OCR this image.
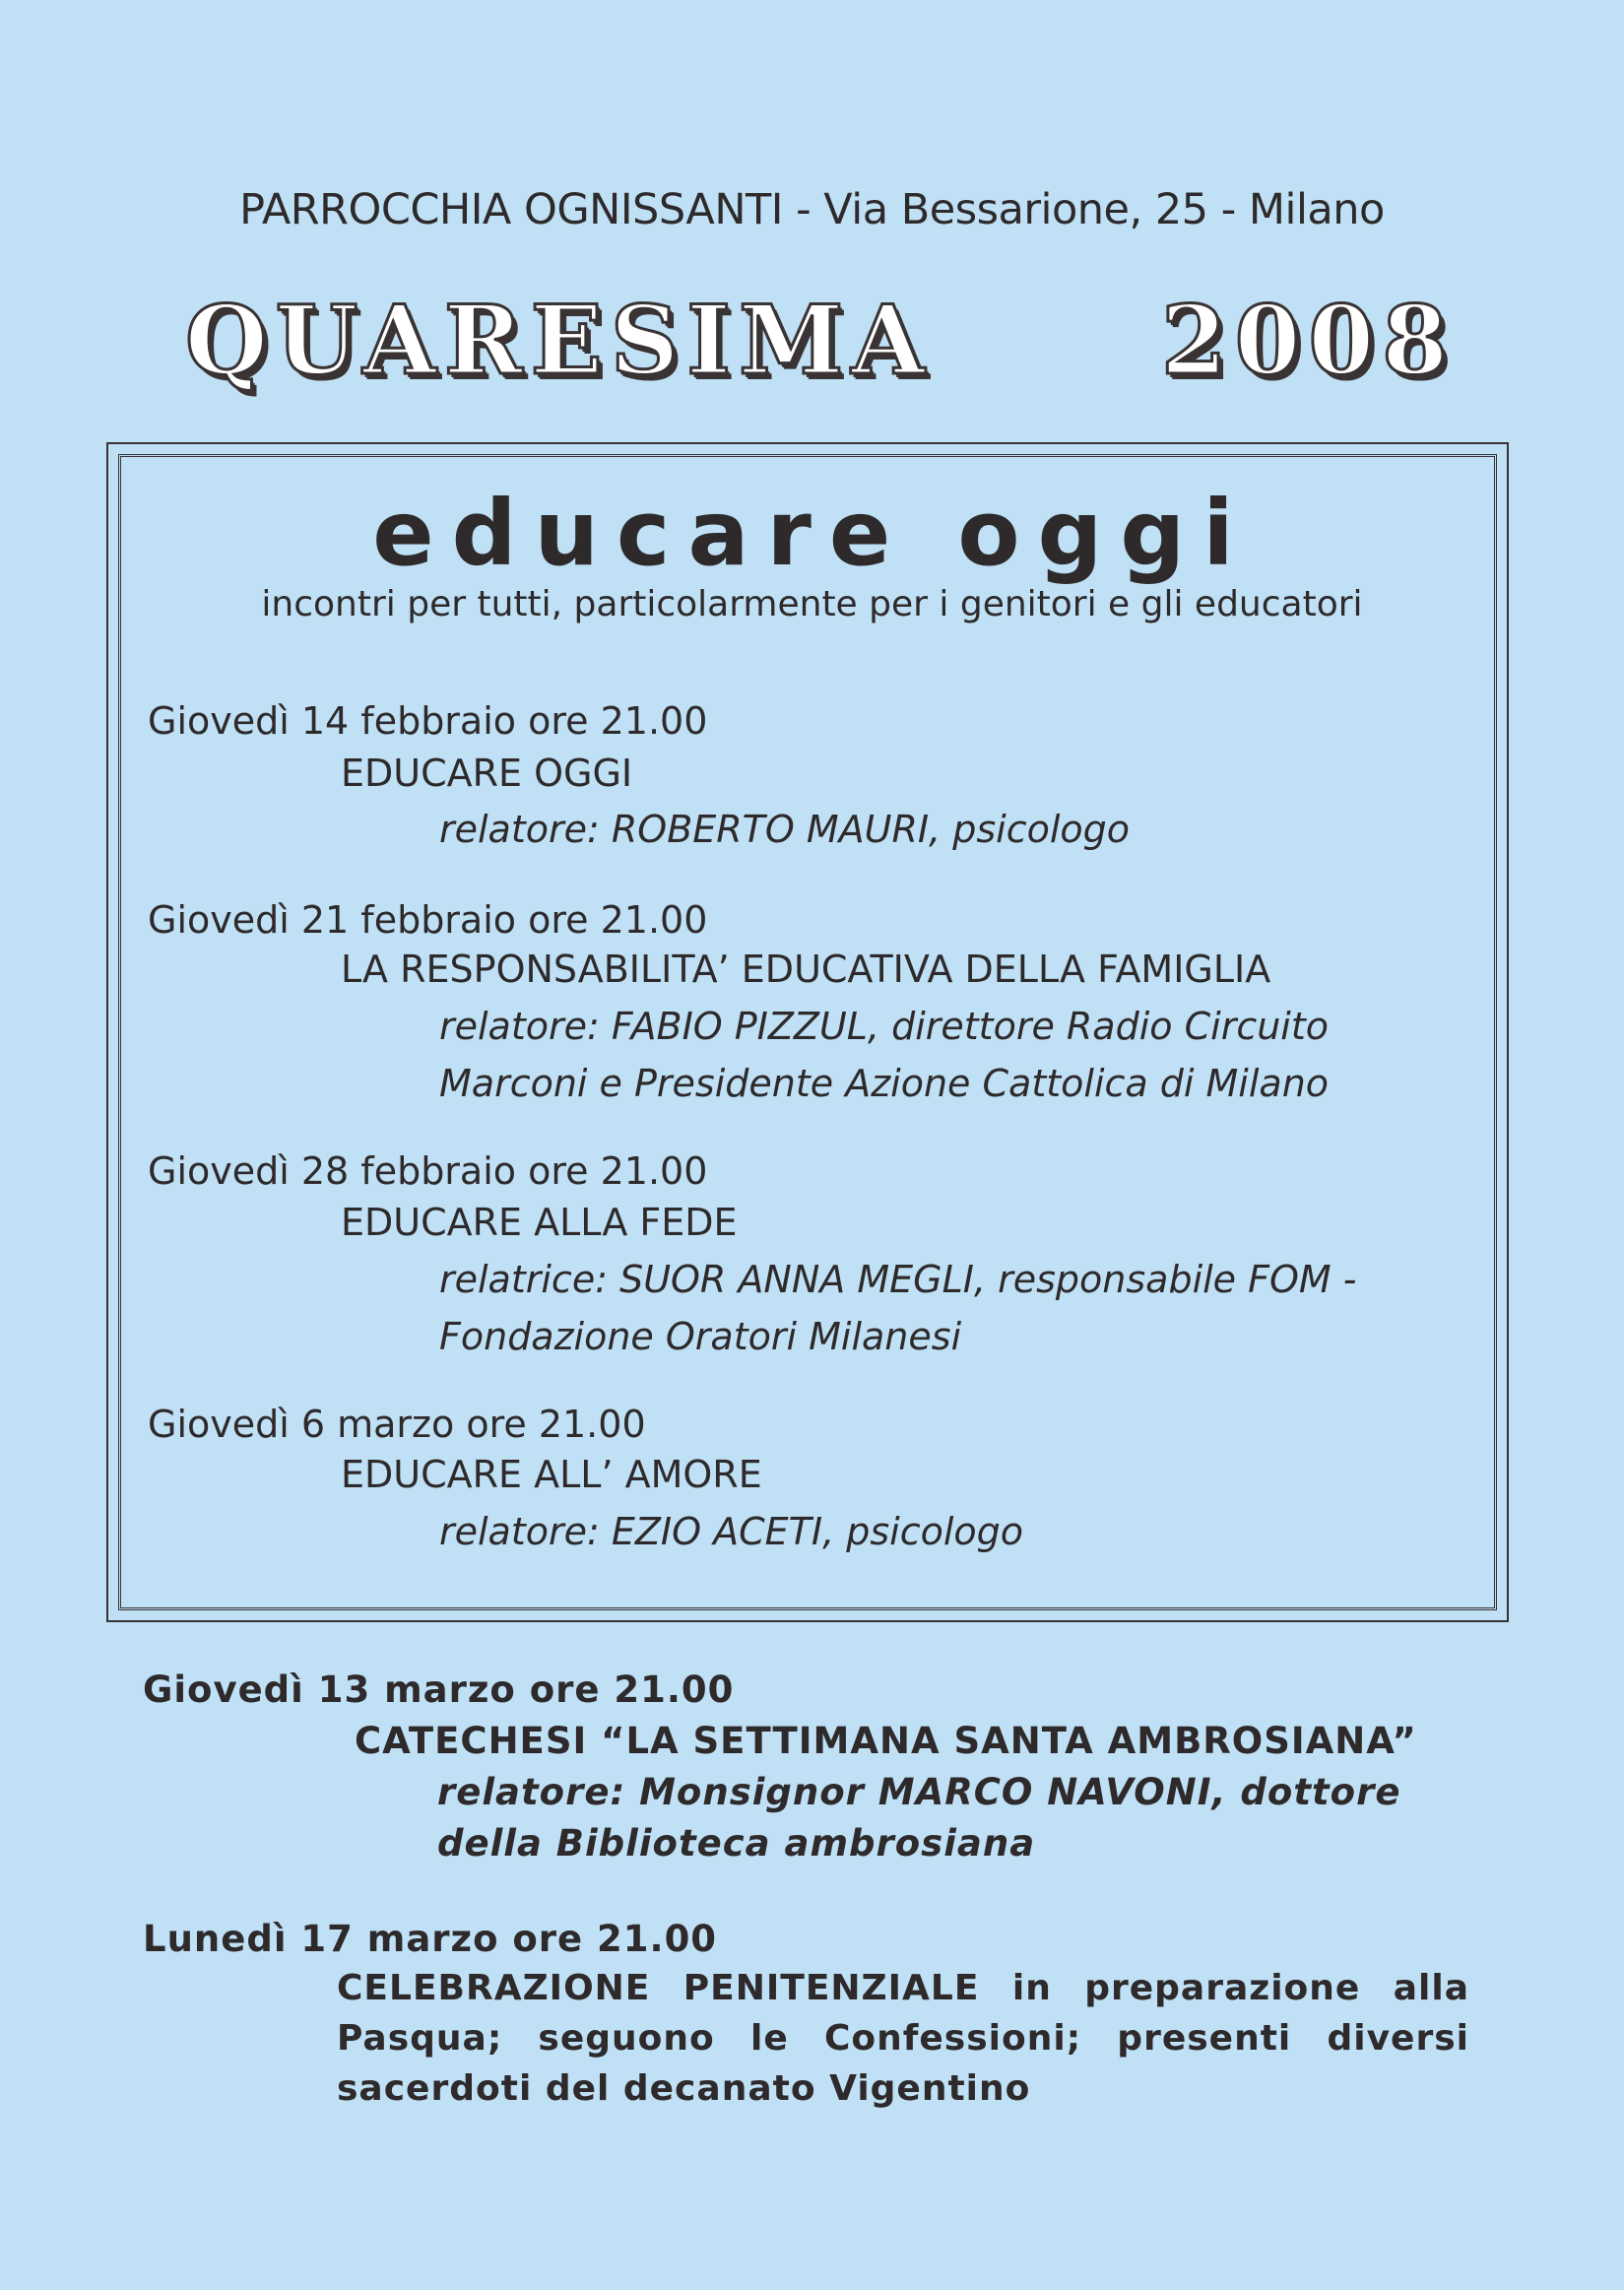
PARROCCHIA OGNISSANTI - Via Bessarione, 25 - Milano
QUARESIMA 2008
educare oggi
incontri per tutti, particolarmente per i genitori e gli educatori
Giovedì 14 febbraio ore 21.00
EDUCARE OGGI
relatore: ROBERTO MAURI, psicologo
Giovedì 21 febbraio ore 21.00
LA RESPONSABILITA’ EDUCATIVA DELLA FAMIGLIA
relatore: FABIO PIZZUL, direttore Radio Circuito Marconi e Presidente Azione Cattolica di Milano
Giovedì 28 febbraio ore 21.00
EDUCARE ALLA FEDE
relatrice: SUOR ANNA MEGLI, responsabile FOM - Fondazione Oratori Milanesi
Giovedì 6 marzo ore 21.00
EDUCARE ALL’ AMORE
relatore: EZIO ACETI, psicologo
Giovedì 13 marzo ore 21.00
CATECHESI “LA SETTIMANA SANTA AMBROSIANA”
relatore: Monsignor MARCO NAVONI, dottore della Biblioteca ambrosiana
Lunedì 17 marzo ore 21.00
CELEBRAZIONE PENITENZIALE in preparazione alla Pasqua; seguono le Confessioni; presenti diversi sacerdoti del decanato Vigentino
